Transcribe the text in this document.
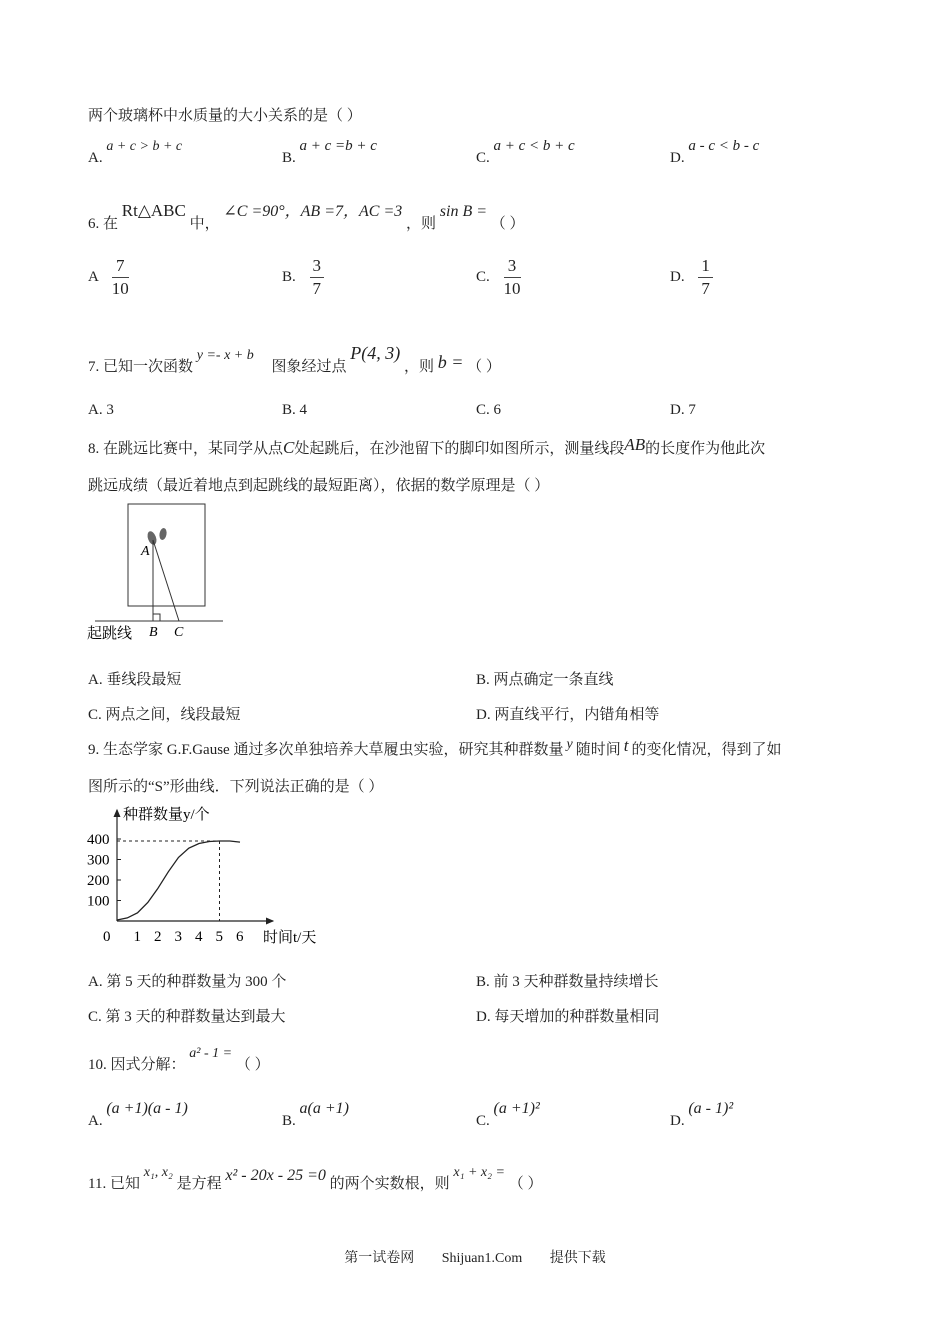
两个玻璃杯中水质量的大小关系的是（ ）
A. a + c > b + c
B. a + c =b + c
C. a + c < b + c
D. a - c < b - c
6. 在 Rt△ABC 中， ∠C =90°，AB =7，AC =3 ，则 sin B = （ ）
A $\frac{7}{10}$	B. $\frac{3}{7}$	C. $\frac{3}{10}$	D. $\frac{1}{7}$
7. 已知一次函数 y =- x + b 图象经过点 P(4, 3) ，则 b = （ ）
A. 3	B. 4	C. 6	D. 7
8. 在跳远比赛中，某同学从点C处起跳后，在沙池留下的脚印如图所示，测量线段AB的长度作为他此次
跳远成绩（最近着地点到起跳线的最短距离），依据的数学原理是（ ）
A
B C
起跳线
A. 垂线段最短	B. 两点确定一条直线
C. 两点之间，线段最短	D. 两直线平行，内错角相等
9. 生态学家 G.F.Gause 通过多次单独培养大草履虫实验，研究其种群数量 y 随时间 t 的变化情况，得到了如
图所示的“S”形曲线．下列说法正确的是（ ）
0 1 2 3 4 5 6
100
200
300
400
种群数量y/个
时间t/天
A. 第 5 天的种群数量为 300 个	B. 前 3 天种群数量持续增长
C. 第 3 天的种群数量达到最大	D. 每天增加的种群数量相同
10. 因式分解： a² - 1 = （ ）
A. (a +1)(a - 1)
B. a(a +1)
C. (a +1)²
D. (a - 1)²
11. 已知 x₁, x₂ 是方程 x² - 20x - 25 =0 的两个实数根，则 x₁ + x₂ = （ ）
第一试卷网 Shijuan1.Com 提供下载
